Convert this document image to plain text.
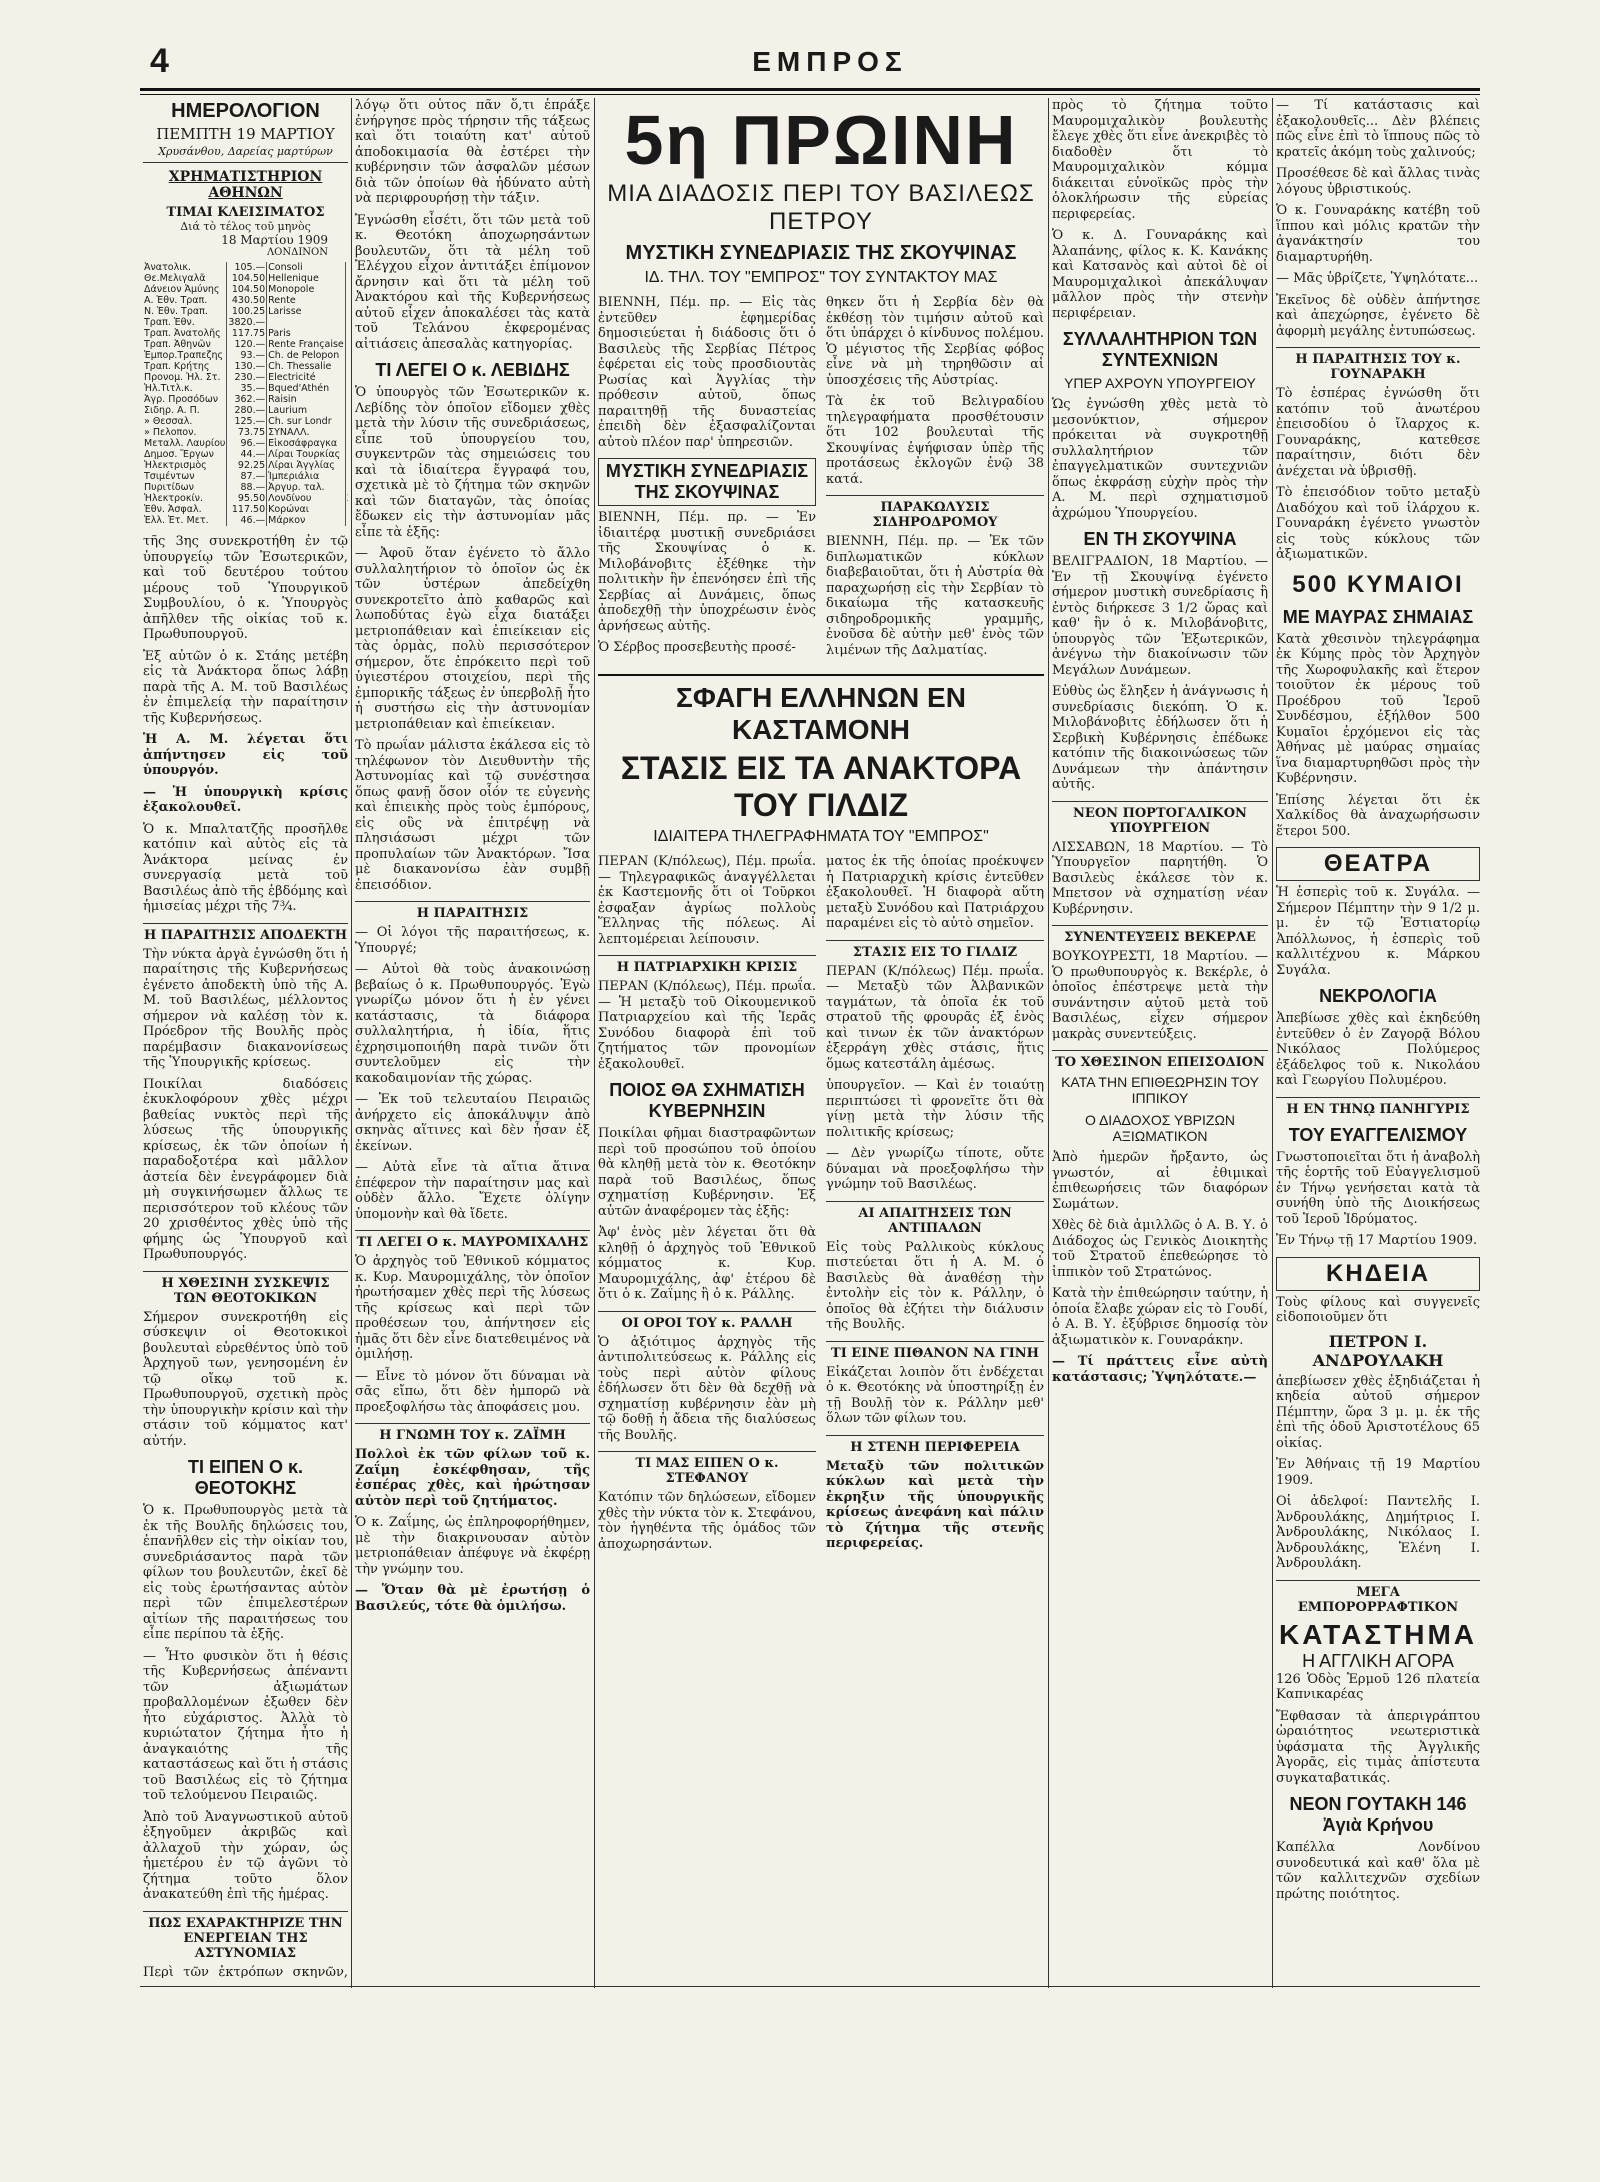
4	ΕΜΠΡΟΣ
ΗΜΕΡΟΛΟΓΙΟΝ
ΠΕΜΠΤΗ 19 ΜΑΡΤΙΟΥ
Χρυσάνθου, Δαρείας μαρτύρων
ΧΡΗΜΑΤΙΣΤΗΡΙΟΝ ΑΘΗΝΩΝ
ΤΙΜΑΙ ΚΛΕΙΣΙΜΑΤΟΣ
Διά τὸ τέλος τοῦ μηνὸς
18 Μαρτίου 1909
ΛΟΝΔΙΝΟΝ
Ἀνατολικ.	105.—	Consoli	
Θε.Μελιγαλᾶ	104.50	Hellenique	
Δάνειον Ἀμύνης	104.50	Monopole	
Α. Ἐθν. Τραπ.	430.50	Rente	
Ν. Ἐθν. Τραπ.	100.25	Larisse	
Τραπ. Ἐθν.	3820.—		
Τραπ. Ἀνατολῆς	117.75	Paris	
Τραπ. Ἀθηνῶν	120.—	Rente Française	
Ἐμπορ.Τραπεζης	93.—	Ch. de Pelopon	
Τραπ. Κρήτης	130.—	Ch. Thessalie	
Προνομ. Ἠλ. Στ.	230.—	Electricité	
Ἠλ.Τιτλ.κ.	35.—	Bqued'Athén	
Ἀγρ. Προσόδων	362.—	Raisin	
Σιδηρ. Α. Π.	280.—	Laurium	
» Θεσσαλ.	125.—	Ch. sur Londr	
» Πελοπον.	73.75	ΣΥΝΑΛΛ.	
Μεταλλ. Λαυρίου	96.—	Εἰκοσάφραγκα	
Δημοσ. Ἔργων	44.—	Λίραι Τουρκίας	
Ἠλεκτρισμὸς	92.25	Λίραι Ἀγγλίας	
Τσιμέντων	87.—	Ἰμπεριάλια	
Πυριτίδων	88.—	Ἀργυρ. ταλ.	
Ἠλεκτροκίν.	95.50	Λονδίνου	
Ἐθν. Ἀσφαλ.	117.50	Κορώναι	
Ἑλλ. Ἑτ. Μετ.	46.—	Μάρκον	

τῆς 3ης συνεκροτήθη ἐν τῷ ὑπουργείῳ τῶν Ἐσωτερικῶν, καὶ τοῦ δευτέρου τούτου μέρους τοῦ Ὑπουργικοῦ Συμβουλίου, ὁ κ. Ὑπουργὸς ἀπῆλθεν τῆς οἰκίας τοῦ κ. Πρωθυπουργοῦ.

Ἐξ αὐτῶν ὁ κ. Στάης μετέβη εἰς τὰ Ἀνάκτορα ὅπως λάβῃ παρὰ τῆς Α. Μ. τοῦ Βασιλέως ἐν ἐπιμελείᾳ τὴν παραίτησιν τῆς Κυβερνήσεως.

Ἡ Α. Μ. λέγεται ὅτι ἀπήντησεν εἰς τοῦ ὑπουργόν.

— Ἡ ὑπουργικὴ κρίσις ἐξακολουθεῖ.

Ὁ κ. Μπαλτατζῆς προσῆλθε κατόπιν καὶ αὐτὸς εἰς τὰ Ἀνάκτορα μείνας ἐν συνεργασίᾳ μετὰ τοῦ Βασιλέως ἀπὸ τῆς ἑβδόμης καὶ ἡμισείας μέχρι τῆς 7¾.

Η ΠΑΡΑΙΤΗΣΙΣ ΑΠΟΔΕΚΤΗ

Τὴν νύκτα ἀργὰ ἐγνώσθη ὅτι ἡ παραίτησις τῆς Κυβερνήσεως ἐγένετο ἀποδεκτὴ ὑπὸ τῆς Α. Μ. τοῦ Βασιλέως, μέλλοντος σήμερον νὰ καλέσῃ τὸν κ. Πρόεδρον τῆς Βουλῆς πρὸς παρέμβασιν διακανονίσεως τῆς Ὑπουργικῆς κρίσεως.

Ποικίλαι διαδόσεις ἐκυκλοφόρουν χθὲς μέχρι βαθείας νυκτὸς περὶ τῆς λύσεως τῆς ὑπουργικῆς κρίσεως, ἐκ τῶν ὁποίων ἡ παραδοξοτέρα καὶ μᾶλλον ἀστεία δὲν ἐνεγράφομεν διὰ μὴ συγκινήσωμεν ἄλλως τε περισσότερον τοῦ κλέους τῶν 20 χρισθέντος χθὲς ὑπὸ τῆς φήμης ὡς Ὑπουργοῦ καὶ Πρωθυπουργός.

Η ΧΘΕΣΙΝΗ ΣΥΣΚΕΨΙΣ ΤΩΝ ΘΕΟΤΟΚΙΚΩΝ

Σήμερον συνεκροτήθη εἰς σύσκεψιν οἱ Θεοτοκικοὶ βουλευταὶ εὑρεθέντος ὑπὸ τοῦ Ἀρχηγοῦ των, γενησομένη ἐν τῷ οἴκῳ τοῦ κ. Πρωθυπουργοῦ, σχετικὴ πρὸς τὴν ὑπουργικὴν κρίσιν καὶ τὴν στάσιν τοῦ κόμματος κατ' αὐτήν.

ΤΙ ΕΙΠΕΝ Ο κ. ΘΕΟΤΟΚΗΣ

Ὁ κ. Πρωθυπουργὸς μετὰ τὰ ἐκ τῆς Βουλῆς δηλώσεις του, ἐπανῆλθεν εἰς τὴν οἰκίαν του, συνεδριάσαντος παρὰ τῶν φίλων του βουλευτῶν, ἐκεῖ δὲ εἰς τοὺς ἐρωτήσαντας αὐτὸν περὶ τῶν ἐπιμελεστέρων αἰτίων τῆς παραιτήσεως του εἶπε περίπου τὰ ἑξῆς.

— Ἦτο φυσικὸν ὅτι ἡ θέσις τῆς Κυβερνήσεως ἀπέναντι τῶν ἀξιωμάτων προβαλλομένων ἐξωθεν δὲν ἦτο εὐχάριστος. Ἀλλὰ τὸ κυριώτατον ζήτημα ἦτο ἡ ἀναγκαιότης τῆς καταστάσεως καὶ ὅτι ἡ στάσις τοῦ Βασιλέως εἰς τὸ ζήτημα τοῦ τελούμενου Πειραιῶς.

Ἀπὸ τοῦ Ἀναγνωστικοῦ αὐτοῦ ἐξηγοῦμεν ἀκριβῶς καὶ ἀλλαχοῦ τὴν χώραν, ὡς ἡμετέρου ἐν τῷ ἀγῶνι τὸ ζήτημα τοῦτο ὅλον ἀνακατεύθη ἐπὶ τῆς ἡμέρας.

ΠΩΣ ΕΧΑΡΑΚΤΗΡΙΖΕ ΤΗΝ ΕΝΕΡΓΕΙΑΝ ΤΗΣ ΑΣΤΥΝΟΜΙΑΣ

Περὶ τῶν ἐκτρόπων σκηνῶν,

λόγῳ ὅτι οὗτος πᾶν ὅ,τι ἐπράξε ἐνήργησε πρὸς τήρησιν τῆς τάξεως καὶ ὅτι τοιαύτη κατ' αὐτοῦ ἀποδοκιμασία θὰ ἐστέρει τὴν κυβέρνησιν τῶν ἀσφαλῶν μέσων διὰ τῶν ὁποίων θὰ ἠδύνατο αὐτὴ νὰ περιφρουρήσῃ τὴν τάξιν.

Ἐγνώσθη εἶσέτι, ὅτι τῶν μετὰ τοῦ κ. Θεοτόκη ἀποχωρησάντων βουλευτῶν, ὅτι τὰ μέλη τοῦ Ἐλέγχου εἶχον ἀντιτάξει ἐπίμονον ἄρνησιν καὶ ὅτι τὰ μέλη τοῦ Ἀνακτόρου καὶ τῆς Κυβερνήσεως αὐτοῦ εἶχεν ἀποκαλέσει τὰς κατὰ τοῦ Τελάνου ἐκφερομένας αἰτιάσεις ἀπεσαλὰς κατηγορίας.

ΤΙ ΛΕΓΕΙ Ο κ. ΛΕΒΙΔΗΣ

Ὁ ὑπουργὸς τῶν Ἐσωτερικῶν κ. Λεβίδης τὸν ὁποῖον εἴδομεν χθὲς μετὰ τὴν λύσιν τῆς συνεδριάσεως, εἶπε τοῦ ὑπουργείου του, συγκεντρῶν τὰς σημειώσεις του καὶ τὰ ἰδιαίτερα ἔγγραφά του, σχετικὰ μὲ τὸ ζήτημα τῶν σκηνῶν καὶ τῶν διαταγῶν, τὰς ὁποίας ἔδωκεν εἰς τὴν ἀστυνομίαν μᾶς εἶπε τὰ ἑξῆς:

— Ἀφοῦ ὅταν ἐγένετο τὸ ἄλλο συλλαλητήριον τὸ ὁποῖον ὡς ἐκ τῶν ὑστέρων ἀπεδείχθη συνεκροτεῖτο ἀπὸ καθαρῶς καὶ λωποδύτας ἐγὼ εἶχα διατάξει μετριοπάθειαν καὶ ἐπιείκειαν εἰς τὰς ὁρμὰς, πολὺ περισσότερον σήμερον, ὅτε ἐπρόκειτο περὶ τοῦ ὑγιεστέρου στοιχείου, περὶ τῆς ἐμπορικῆς τάξεως ἐν ὑπερβολῇ ἦτο ἡ συστήσω εἰς τὴν ἀστυνομίαν μετριοπάθειαν καὶ ἐπιείκειαν.

Τὸ πρωΐαν μάλιστα ἐκάλεσα εἰς τὸ τηλέφωνον τὸν Διευθυντὴν τῆς Ἀστυνομίας καὶ τῷ συνέστησα ὅπως φανῇ ὅσον οἷόν τε εὐγενὴς καὶ ἐπιεικὴς πρὸς τοὺς ἐμπόρους, εἰς οὓς νὰ ἐπιτρέψῃ νὰ πλησιάσωσι μέχρι τῶν προπυλαίων τῶν Ἀνακτόρων. Ἴσα μὲ διακανονίσω ἐὰν συμβῇ ἐπεισόδιον.

Η ΠΑΡΑΙΤΗΣΙΣ

— Οἱ λόγοι τῆς παραιτήσεως, κ. Ὑπουργέ;

— Αὐτοὶ θὰ τοὺς ἀνακοινώσῃ βεβαίως ὁ κ. Πρωθυπουργός. Ἐγὼ γνωρίζω μόνον ὅτι ἡ ἐν γένει κατάστασις, τὰ διάφορα συλλαλητήρια, ἡ ἰδία, ἥτις ἐχρησιμοποιήθη παρὰ τινῶν ὅτι συντελοῦμεν εἰς τὴν κακοδαιμονίαν τῆς χώρας.

— Ἐκ τοῦ τελευταίου Πειραιῶς ἀνήρχετο εἰς ἀποκάλυψιν ἀπὸ σκηνὰς αἵτινες καὶ δὲν ἦσαν ἐξ ἐκείνων.

— Αὐτὰ εἶνε τὰ αἴτια ἅτινα ἐπέφερον τὴν παραίτησιν μας καὶ οὐδὲν ἄλλο. Ἔχετε ὀλίγην ὑπομονὴν καὶ θὰ ἴδετε.

ΤΙ ΛΕΓΕΙ Ο κ. ΜΑΥΡΟΜΙΧΑΛΗΣ

Ὁ ἀρχηγὸς τοῦ Ἐθνικοῦ κόμματος κ. Κυρ. Μαυρομιχάλης, τὸν ὁποῖον ἠρωτήσαμεν χθὲς περὶ τῆς λύσεως τῆς κρίσεως καὶ περὶ τῶν προθέσεων του, ἀπήντησεν εἰς ἡμᾶς ὅτι δὲν εἶνε διατεθειμένος νὰ ὁμιλήσῃ.

— Εἶνε τὸ μόνον ὅτι δύναμαι νὰ σᾶς εἴπω, ὅτι δὲν ἠμπορῶ νὰ προεξοφλήσω τὰς ἀποφάσεις μου.

Η ΓΝΩΜΗ ΤΟΥ κ. ΖΑΪΜΗ

Πολλοὶ ἐκ τῶν φίλων τοῦ κ. Ζαΐμη ἐσκέφθησαν, τῆς ἐσπέρας χθὲς, καὶ ἠρώτησαν αὐτὸν περὶ τοῦ ζητήματος.

Ὁ κ. Ζαΐμης, ὡς ἐπληροφορήθημεν, μὲ τὴν διακρινουσαν αὐτὸν μετριοπάθειαν ἀπέφυγε νὰ ἐκφέρῃ τὴν γνώμην του.

— Ὅταν θὰ μὲ ἐρωτήσῃ ὁ Βασιλεύς, τότε θὰ ὁμιλήσω.

5η ΠΡΩΙΝΗ
ΜΙΑ ΔΙΑΔΟΣΙΣ ΠΕΡΙ ΤΟΥ ΒΑΣΙΛΕΩΣ ΠΕΤΡΟΥ
ΜΥΣΤΙΚΗ ΣΥΝΕΔΡΙΑΣΙΣ ΤΗΣ ΣΚΟΥΨΙΝΑΣ
ΙΔ. ΤΗΛ. ΤΟΥ "ΕΜΠΡΟΣ" ΤΟΥ ΣΥΝΤΑΚΤΟΥ ΜΑΣ

ΒΙΕΝΝΗ, Πέμ. πρ. — Εἰς τὰς ἐντεῦθεν ἐφημερίδας δημοσιεύεται ἡ διάδοσις ὅτι ὁ Βασιλεὺς τῆς Σερβίας Πέτρος ἐφέρεται εἰς τοὺς προσδιουτὰς Ρωσίας καὶ Ἀγγλίας τὴν πρόθεσιν αὐτοῦ, ὅπως παραιτηθῇ τῆς δυναστείας ἐπειδὴ δὲν ἐξασφαλίζονται αὐτοὺ πλέον παρ' ὑπηρεσιῶν.

ΜΥΣΤΙΚΗ ΣΥΝΕΔΡΙΑΣΙΣ ΤΗΣ ΣΚΟΥΨΙΝΑΣ

ΒΙΕΝΝΗ, Πέμ. πρ. — Ἐν ἰδιαιτέρᾳ μυστικῇ συνεδριάσει τῆς Σκουψίνας ὁ κ. Μιλοβάνοβιτς ἐξέθηκε τὴν πολιτικὴν ἣν ἐπενόησεν ἐπὶ τῆς Σερβίας αἱ Δυνάμεις, ὅπως ἀποδεχθῇ τὴν ὑποχρέωσιν ἑνὸς ἀρνήσεως αὐτῆς.

Ὁ Σέρβος προσεβευτὴς προσέ-

θηκεν ὅτι ἡ Σερβία δὲν θὰ ἐκθέσῃ τὸν τιμήσιν αὐτοῦ καὶ ὅτι ὑπάρχει ὁ κίνδυνος πολέμου. Ὁ μέγιστος τῆς Σερβίας φόβος εἶνε νὰ μὴ τηρηθῶσιν αἱ ὑποσχέσεις τῆς Αὐστρίας.

Τὰ ἐκ τοῦ Βελιγραδίου τηλεγραφήματα προσθέτουσιν ὅτι 102 βουλευταὶ τῆς Σκουψίνας ἐψήφισαν ὑπὲρ τῆς προτάσεως ἐκλογῶν ἐνῷ 38 κατά.

ΠΑΡΑΚΩΛΥΣΙΣ ΣΙΔΗΡΟΔΡΟΜΟΥ

ΒΙΕΝΝΗ, Πέμ. πρ. — Ἐκ τῶν διπλωματικῶν κύκλων διαβεβαιοῦται, ὅτι ἡ Αὐστρία θὰ παραχωρήσῃ εἰς τὴν Σερβίαν τὸ δικαίωμα τῆς κατασκευῆς σιδηροδρομικῆς γραμμῆς, ἐνοῦσα δὲ αὐτὴν μεθ' ἑνὸς τῶν λιμένων τῆς Δαλματίας.

ΣΦΑΓΗ ΕΛΛΗΝΩΝ ΕΝ ΚΑΣΤΑΜΟΝΗ
ΣΤΑΣΙΣ ΕΙΣ ΤΑ ΑΝΑΚΤΟΡΑ ΤΟΥ ΓΙΛΔΙΖ
ΙΔΙΑΙΤΕΡΑ ΤΗΛΕΓΡΑΦΗΜΑΤΑ ΤΟΥ "ΕΜΠΡΟΣ"

ΠΕΡΑΝ (Κ/πόλεως), Πέμ. πρωΐα. — Τηλεγραφικῶς ἀναγγέλλεται ἐκ Καστεμονῆς ὅτι οἱ Τοῦρκοι ἐσφαξαν ἀγρίως πολλοὺς Ἕλληνας τῆς πόλεως. Αἱ λεπτομέρειαι λείπουσιν.

Η ΠΑΤΡΙΑΡΧΙΚΗ ΚΡΙΣΙΣ

ΠΕΡΑΝ (Κ/πόλεως), Πέμ. πρωΐα. — Ἡ μεταξὺ τοῦ Οἰκουμενικοῦ Πατριαρχείου καὶ τῆς Ἱερᾶς Συνόδου διαφορὰ ἐπὶ τοῦ ζητήματος τῶν προνομίων ἐξακολουθεῖ.

ΠΟΙΟΣ ΘΑ ΣΧΗΜΑΤΙΣΗ ΚΥΒΕΡΝΗΣΙΝ

Ποικίλαι φῆμαι διαστραφῶντων περὶ τοῦ προσώπου τοῦ ὁποίου θὰ κληθῇ μετὰ τὸν κ. Θεοτόκην παρὰ τοῦ Βασιλέως, ὅπως σχηματίσῃ Κυβέρνησιν. Ἐξ αὐτῶν ἀναφέρομεν τὰς ἑξῆς:

Ἀφ' ἑνὸς μὲν λέγεται ὅτι θὰ κληθῇ ὁ ἀρχηγὸς τοῦ Ἐθνικοῦ κόμματος κ. Κυρ. Μαυρομιχάλης, ἀφ' ἑτέρου δὲ ὅτι ὁ κ. Ζαΐμης ἢ ὁ κ. Ράλλης.

ΟΙ ΟΡΟΙ ΤΟΥ κ. ΡΑΛΛΗ

Ὁ ἀξιότιμος ἀρχηγὸς τῆς ἀντιπολιτεύσεως κ. Ράλλης εἰς τοὺς περὶ αὐτὸν φίλους ἐδήλωσεν ὅτι δὲν θὰ δεχθῇ νὰ σχηματίσῃ κυβέρνησιν ἐὰν μὴ τῷ δοθῇ ἡ ἄδεια τῆς διαλύσεως τῆς Βουλῆς.

ΤΙ ΜΑΣ ΕΙΠΕΝ Ο κ. ΣΤΕΦΑΝΟΥ

Κατόπιν τῶν δηλώσεων, εἴδομεν χθὲς τὴν νύκτα τὸν κ. Στεφάνου, τὸν ἡγηθέντα τῆς ὁμάδος τῶν ἀποχωρησάντων.

ματος ἐκ τῆς ὁποίας προέκυψεν ἡ Πατριαρχικὴ κρίσις ἐντεῦθεν ἐξακολουθεῖ. Ἡ διαφορὰ αὕτη μεταξὺ Συνόδου καὶ Πατριάρχου παραμένει εἰς τὸ αὐτὸ σημεῖον.

ΣΤΑΣΙΣ ΕΙΣ ΤΟ ΓΙΛΔΙΖ

ΠΕΡΑΝ (Κ/πόλεως) Πέμ. πρωΐα. — Μεταξὺ τῶν Ἀλβανικῶν ταγμάτων, τὰ ὁποῖα ἐκ τοῦ στρατοῦ τῆς φρουρᾶς ἐξ ἑνὸς καὶ τινων ἐκ τῶν ἀνακτόρων ἐξερράγη χθὲς στάσις, ἥτις ὅμως κατεστάλη ἀμέσως.

ὑπουργεῖον. — Καὶ ἐν τοιαύτῃ περιπτώσει τὶ φρονεῖτε ὅτι θὰ γίνῃ μετὰ τὴν λύσιν τῆς πολιτικῆς κρίσεως;

— Δὲν γνωρίζω τίποτε, οὔτε δύναμαι νὰ προεξοφλήσω τὴν γνώμην τοῦ Βασιλέως.

ΑΙ ΑΠΑΙΤΗΣΕΙΣ ΤΩΝ ΑΝΤΙΠΑΛΩΝ

Εἰς τοὺς Ραλλικοὺς κύκλους πιστεύεται ὅτι ἡ Α. Μ. ὁ Βασιλεὺς θὰ ἀναθέσῃ τὴν ἐντολὴν εἰς τὸν κ. Ράλλην, ὁ ὁποῖος θὰ ἐζήτει τὴν διάλυσιν τῆς Βουλῆς.

ΤΙ ΕΙΝΕ ΠΙΘΑΝΟΝ ΝΑ ΓΙΝΗ

Εἰκάζεται λοιπὸν ὅτι ἐνδέχεται ὁ κ. Θεοτόκης νὰ ὑποστηρίξῃ ἐν τῇ Βουλῇ τὸν κ. Ράλλην μεθ' ὅλων τῶν φίλων του.

Η ΣΤΕΝΗ ΠΕΡΙΦΕΡΕΙΑ

Μεταξὺ τῶν πολιτικῶν κύκλων καὶ μετὰ τὴν ἐκρηξιν τῆς ὑπουργικῆς κρίσεως ἀνεφάνη καὶ πάλιν τὸ ζήτημα τῆς στενῆς περιφερείας.

πρὸς τὸ ζήτημα τοῦτο Μαυρομιχαλικὸν βουλευτὴς ἔλεγε χθὲς ὅτι εἶνε ἀνεκριβὲς τὸ διαδοθὲν ὅτι τὸ Μαυρομιχαλικὸν κόμμα διάκειται εὐνοϊκῶς πρὸς τὴν ὁλοκλήρωσιν τῆς εὐρείας περιφερείας.

Ὁ κ. Δ. Γουναράκης καὶ Ἀλαπάνης, φίλος κ. Κ. Κανάκης καὶ Κατσανὸς καὶ αὐτοὶ δὲ οἱ Μαυρομιχαλικοὶ ἀπεκάλυψαν μᾶλλον πρὸς τὴν στενὴν περιφέρειαν.

ΣΥΛΛΑΛΗΤΗΡΙΟΝ ΤΩΝ ΣΥΝΤΕΧΝΙΩΝ
ΥΠΕΡ ΑΧΡΟΥΝ ΥΠΟΥΡΓΕΙΟΥ

Ὡς ἐγνώσθη χθὲς μετὰ τὸ μεσονύκτιον, σήμερον πρόκειται νὰ συγκροτηθῇ συλλαλητήριον τῶν ἐπαγγελματικῶν συντεχνιῶν ὅπως ἐκφράσῃ εὐχὴν πρὸς τὴν Α. Μ. περὶ σχηματισμοῦ ἀχρώμου Ὑπουργείου.

ΕΝ ΤΗ ΣΚΟΥΨΙΝΑ

ΒΕΛΙΓΡΑΔΙΟΝ, 18 Μαρτίου. — Ἐν τῇ Σκουψίνᾳ ἐγένετο σήμερον μυστικὴ συνεδρίασις ἢ ἐντὸς διήρκεσε 3 1/2 ὥρας καὶ καθ' ἣν ὁ κ. Μιλοβάνοβιτς, ὑπουργὸς τῶν Ἐξωτερικῶν, ἀνέγνω τὴν διακοίνωσιν τῶν Μεγάλων Δυνάμεων.

Εὐθὺς ὡς ἔληξεν ἡ ἀνάγνωσις ἡ συνεδρίασις διεκόπη. Ὁ κ. Μιλοβάνοβιτς ἐδήλωσεν ὅτι ἡ Σερβικὴ Κυβέρνησις ἐπέδωκε κατόπιν τῆς διακοινώσεως τῶν Δυνάμεων τὴν ἀπάντησιν αὐτῆς.

ΝΕΟΝ ΠΟΡΤΟΓΑΛΙΚΟΝ ΥΠΟΥΡΓΕΙΟΝ

ΛΙΣΣΑΒΩΝ, 18 Μαρτίου. — Τὸ Ὑπουργεῖον παρητήθη. Ὁ Βασιλεὺς ἐκάλεσε τὸν κ. Μπετσον νὰ σχηματίσῃ νέαν Κυβέρνησιν.

ΣΥΝΕΝΤΕΥΞΕΙΣ ΒΕΚΕΡΛΕ

ΒΟΥΚΟΥΡΕΣΤΙ, 18 Μαρτίου. — Ὁ πρωθυπουργὸς κ. Βεκέρλε, ὁ ὁποῖος ἐπέστρεψε μετὰ τὴν συνάντησιν αὐτοῦ μετὰ τοῦ Βασιλέως, εἶχεν σήμερον μακρὰς συνεντεύξεις.

ΤΟ ΧΘΕΣΙΝΟΝ ΕΠΕΙΣΟΔΙΟΝ
ΚΑΤΑ ΤΗΝ ΕΠΙΘΕΩΡΗΣΙΝ ΤΟΥ ΙΠΠΙΚΟΥ
Ο ΔΙΑΔΟΧΟΣ ΥΒΡΙΖΩΝ ΑΞΙΩΜΑΤΙΚΟΝ

Ἀπὸ ἡμερῶν ἤρξαντο, ὡς γνωστόν, αἱ ἐθιμικαὶ ἐπιθεωρήσεις τῶν διαφόρων Σωμάτων.

Χθὲς δὲ διὰ ἀμιλλῶς ὁ Α. Β. Υ. ὁ Διάδοχος ὡς Γενικὸς Διοικητὴς τοῦ Στρατοῦ ἐπεθεώρησε τὸ ἱππικὸν τοῦ Στρατώνος.

Κατὰ τὴν ἐπιθεώρησιν ταύτην, ἡ ὁποία ἔλαβε χώραν εἰς τὸ Γουδί, ὁ Α. Β. Υ. ἐξύβρισε δημοσίᾳ τὸν ἀξιωματικὸν κ. Γουναράκην.

— Τί πράττεις εἶνε αὐτὴ κατάστασις; Ὑψηλότατε.—

— Τί κατάστασις καὶ ἐξακολουθεῖς... Δὲν βλέπεις πῶς εἶνε ἐπὶ τὸ ἵππους πῶς τὸ κρατεῖς ἀκόμη τοὺς χαλινούς;

Προσέθεσε δὲ καὶ ἄλλας τινὰς λόγους ὑβριστικούς.

Ὁ κ. Γουναράκης κατέβη τοῦ ἵππου καὶ μόλις κρατῶν τὴν ἀγανάκτησίν του διαμαρτυρήθη.

— Μᾶς ὑβρίζετε, Ὑψηλότατε...

Ἐκεῖνος δὲ οὐδὲν ἀπήντησε καὶ ἀπεχώρησε, ἐγένετο δὲ ἀφορμὴ μεγάλης ἐντυπώσεως.

Η ΠΑΡΑΙΤΗΣΙΣ ΤΟΥ κ. ΓΟΥΝΑΡΑΚΗ

Τὸ ἑσπέρας ἐγνώσθη ὅτι κατόπιν τοῦ ἀνωτέρου ἐπεισοδίου ὁ ἴλαρχος κ. Γουναράκης, κατεθεσε παραίτησιν, διότι δὲν ἀνέχεται νὰ ὑβρισθῇ.

Τὸ ἐπεισόδιον τοῦτο μεταξὺ Διαδόχου καὶ τοῦ ἰλάρχου κ. Γουναράκη ἐγένετο γνωστὸν εἰς τοὺς κύκλους τῶν ἀξιωματικῶν.

500 ΚΥΜΑΙΟΙ
ΜΕ ΜΑΥΡΑΣ ΣΗΜΑΙΑΣ

Κατὰ χθεσινὸν τηλεγράφημα ἐκ Κύμης πρὸς τὸν Ἀρχηγὸν τῆς Χωροφυλακῆς καὶ ἕτερον τοιοῦτον ἐκ μέρους τοῦ Προέδρου τοῦ Ἱεροῦ Συνδέσμου, ἐξήλθον 500 Κυμαῖοι ἐρχόμενοι εἰς τὰς Ἀθήνας μὲ μαύρας σημαίας ἵνα διαμαρτυρηθῶσι πρὸς τὴν Κυβέρνησιν.

Ἐπίσης λέγεται ὅτι ἐκ Χαλκίδος θὰ ἀναχωρήσωσιν ἕτεροι 500.

ΘΕΑΤΡΑ

Ἡ ἑσπερὶς τοῦ κ. Συγάλα. — Σήμερον Πέμπτην τὴν 9 1/2 μ. μ. ἐν τῷ Ἐστιατορίῳ Ἀπόλλωνος, ἡ ἑσπερὶς τοῦ καλλιτέχνου κ. Μάρκου Συγάλα.

ΝΕΚΡΟΛΟΓΙΑ

Ἀπεβίωσε χθὲς καὶ ἐκηδεύθη ἐντεῦθεν ὁ ἐν Ζαγορᾷ Βόλου Νικόλαος Πολύμερος ἐξάδελφος τοῦ κ. Νικολάου καὶ Γεωργίου Πολυμέρου.

Η ΕΝ ΤΗΝῼ ΠΑΝΗΓΥΡΙΣ
ΤΟΥ ΕΥΑΓΓΕΛΙΣΜΟΥ

Γνωστοποιεῖται ὅτι ἡ ἀναβολὴ τῆς ἑορτῆς τοῦ Εὐαγγελισμοῦ ἐν Τήνῳ γενήσεται κατὰ τὰ συνήθη ὑπὸ τῆς Διοικήσεως τοῦ Ἱεροῦ Ἱδρύματος.

Ἐν Τήνῳ τῇ 17 Μαρτίου 1909.

ΚΗΔΕΙΑ

Τοὺς φίλους καὶ συγγενεῖς εἰδοποιοῦμεν ὅτι

ΠΕΤΡΟΝ Ι. ΑΝΔΡΟΥΛΑΚΗ

ἀπεβίωσεν χθὲς ἐξηδιάζεται ἡ κηδεία αὐτοῦ σήμερον Πέμπτην, ὥρα 3 μ. μ. ἐκ τῆς ἐπὶ τῆς ὁδοῦ Ἀριστοτέλους 65 οἰκίας.

Ἐν Ἀθήναις τῇ 19 Μαρτίου 1909.

Οἱ ἀδελφοί: Παντελῆς Ι. Ἀνδρουλάκης, Δημήτριος Ι. Ἀνδρουλάκης, Νικόλαος Ι. Ἀνδρουλάκης, Ἐλένη Ι. Ἀνδρουλάκη.

ΜΕΓΑ ΕΜΠΟΡΟΡΡΑΦΤΙΚΟΝ
ΚΑΤΑΣΤΗΜΑ
Η ΑΓΓΛΙΚΗ ΑΓΟΡΑ

126 Ὁδὸς Ἑρμοῦ 126 πλατεία Καπνικαρέας

Ἔφθασαν τὰ ἀπεριγράπτου ὡραιότητος νεωτεριστικὰ ὑφάσματα τῆς Ἀγγλικῆς Ἀγορᾶς, εἰς τιμὰς ἀπίστευτα συγκαταβατικάς.

ΝΕΟΝ ΓΟΥΤΑΚΗ 146 Ἀγιὰ Κρήνου

Καπέλλα Λονδίνου συνοδευτικά καὶ καθ' ὅλα μὲ τῶν καλλιτεχνῶν σχεδίων πρώτης ποιότητος.
